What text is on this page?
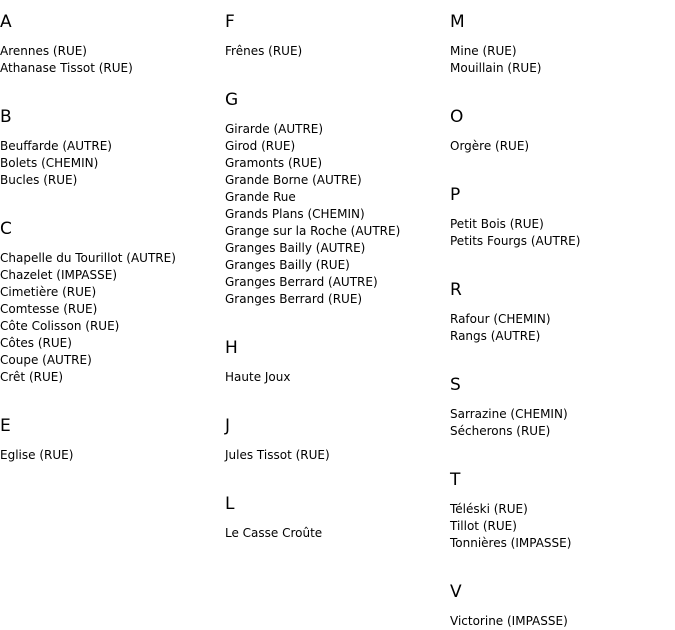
A
Arennes (RUE)
Athanase Tissot (RUE)
B
Beuffarde (AUTRE)
Bolets (CHEMIN)
Bucles (RUE)
C
Chapelle du Tourillot (AUTRE)
Chazelet (IMPASSE)
Cimetière (RUE)
Comtesse (RUE)
Côte Colisson (RUE)
Côtes (RUE)
Coupe (AUTRE)
Crêt (RUE)
E
Eglise (RUE)
F
Frênes (RUE)
G
Girarde (AUTRE)
Girod (RUE)
Gramonts (RUE)
Grande Borne (AUTRE)
Grande Rue
Grands Plans (CHEMIN)
Grange sur la Roche (AUTRE)
Granges Bailly (AUTRE)
Granges Bailly (RUE)
Granges Berrard (AUTRE)
Granges Berrard (RUE)
H
Haute Joux
J
Jules Tissot (RUE)
L
Le Casse Croûte
M
Mine (RUE)
Mouillain (RUE)
O
Orgère (RUE)
P
Petit Bois (RUE)
Petits Fourgs (AUTRE)
R
Rafour (CHEMIN)
Rangs (AUTRE)
S
Sarrazine (CHEMIN)
Sécherons (RUE)
T
Téléski (RUE)
Tillot (RUE)
Tonnières (IMPASSE)
V
Victorine (IMPASSE)
